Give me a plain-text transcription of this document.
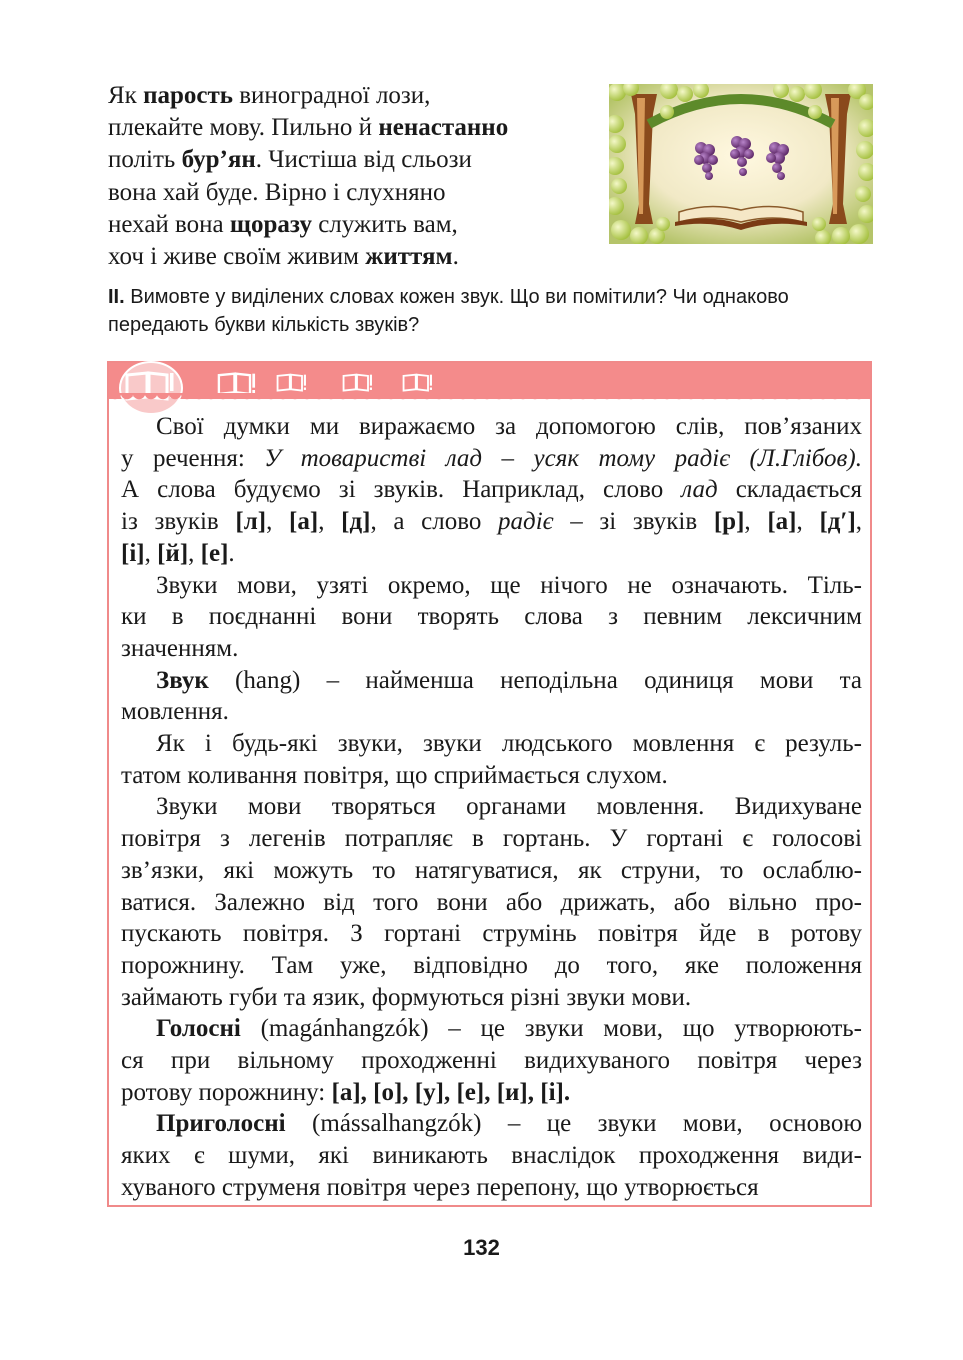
Як парость виноградної лози,
плекайте мову. Пильно й ненастанно
політь бур’ян. Чистіша від сльози
вона хай буде. Вірно і слухняно
нехай вона щоразу служить вам,
хоч і живе своїм живим життям.
II. Вимовте у виділених словах кожен звук. Що ви помітили? Чи однаково передають букви кількість звуків?
Свої думки ми виражаємо за допомогою слів, пов’язаних
у речення: У товаристві лад – усяк тому радіє (Л.Глібов).
А слова будуємо зі звуків. Наприклад, слово лад складається
із звуків [л], [а], [д], а слово радіє – зі звуків [р], [а], [д′],
[і], [й], [е].
Звуки мови, узяті окремо, ще нічого не означають. Тіль-
ки в поєднанні вони творять слова з певним лексичним
значенням.
Звук (hang) – найменша неподільна одиниця мови та
мовлення.
Як і будь-які звуки, звуки людського мовлення є резуль-
татом коливання повітря, що сприймається слухом.
Звуки мови творяться органами мовлення. Видихуване
повітря з легенів потрапляє в гортань. У гортані є голосові
зв’язки, які можуть то натягуватися, як струни, то ослаблю-
ватися. Залежно від того вони або дрижать, або вільно про-
пускають повітря. З гортані струмінь повітря йде в ротову
порожнину. Там уже, відповідно до того, яке положення
займають губи та язик, формуються різні звуки мови.
Голосні (magánhangzók) – це звуки мови, що утворюють-
ся при вільному проходженні видихуваного повітря через
ротову порожнину: [а], [о], [у], [е], [и], [і].
Приголосні (mássalhangzók) – це звуки мови, основою
яких є шуми, які виникають внаслідок проходження види-
хуваного струменя повітря через перепону, що утворюється
132
